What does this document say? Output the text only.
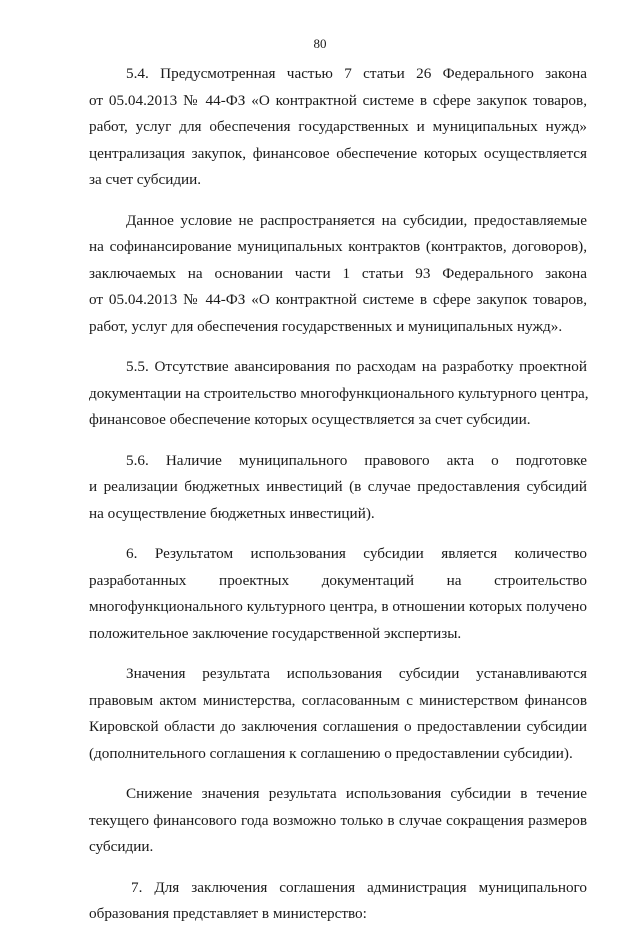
80
5.4. Предусмотренная частью 7 статьи 26 Федерального закона
от 05.04.2013 № 44-ФЗ «О контрактной системе в сфере закупок товаров,
работ, услуг для обеспечения государственных и муниципальных нужд»
централизация закупок, финансовое обеспечение которых осуществляется
за счет субсидии.
Данное условие не распространяется на субсидии, предоставляемые
на софинансирование муниципальных контрактов (контрактов, договоров),
заключаемых на основании части 1 статьи 93 Федерального закона
от 05.04.2013 № 44-ФЗ «О контрактной системе в сфере закупок товаров,
работ, услуг для обеспечения государственных и муниципальных нужд».
5.5. Отсутствие авансирования по расходам на разработку проектной
документации на строительство многофункционального культурного центра,
финансовое обеспечение которых осуществляется за счет субсидии.
5.6. Наличие муниципального правового акта о подготовке
и реализации бюджетных инвестиций (в случае предоставления субсидий
на осуществление бюджетных инвестиций).
6. Результатом использования субсидии является количество
разработанных проектных документаций на строительство
многофункционального культурного центра, в отношении которых получено
положительное заключение государственной экспертизы.
Значения результата использования субсидии устанавливаются
правовым актом министерства, согласованным с министерством финансов
Кировской области до заключения соглашения о предоставлении субсидии
(дополнительного соглашения к соглашению о предоставлении субсидии).
Снижение значения результата использования субсидии в течение
текущего финансового года возможно только в случае сокращения размеров
субсидии.
7. Для заключения соглашения администрация муниципального
образования представляет в министерство:
